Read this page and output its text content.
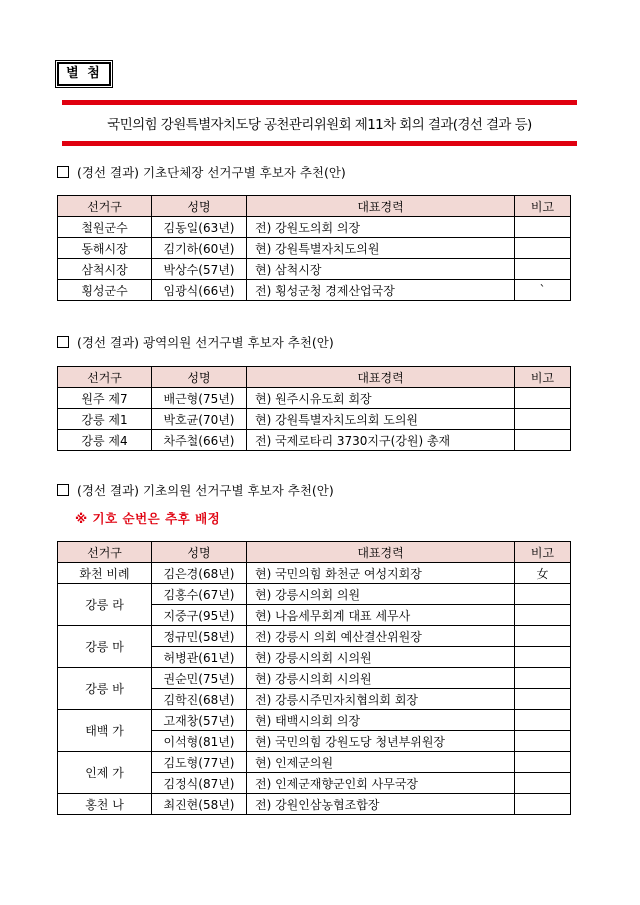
별 첨
국민의힘 강원특별자치도당 공천관리위원회 제11차 회의 결과(경선 결과 등)
(경선 결과) 기초단체장 선거구별 후보자 추천(안)
선거구	성명	대표경력	비고
철원군수	김동일(63년)	전) 강원도의회 의장	
동해시장	김기하(60년)	현) 강원특별자치도의원	
삼척시장	박상수(57년)	현) 삼척시장	
횡성군수	임광식(66년)	전) 횡성군청 경제산업국장	`
(경선 결과) 광역의원 선거구별 후보자 추천(안)
선거구	성명	대표경력	비고
원주 제7	배근형(75년)	현) 원주시유도회 회장	
강릉 제1	박호균(70년)	현) 강원특별자치도의회 도의원	
강릉 제4	차주철(66년)	전) 국제로타리 3730지구(강원) 총재	
(경선 결과) 기초의원 선거구별 후보자 추천(안)
※ 기호 순번은 추후 배정
선거구	성명	대표경력	비고
화천 비례	김은경(68년)	현) 국민의힘 화천군 여성지회장	女
강릉 라	김홍수(67년)	현) 강릉시의회 의원	
	지중구(95년)	현) 나음세무회계 대표 세무사	
강릉 마	정규민(58년)	전) 강릉시 의회 예산결산위원장	
	허병관(61년)	현) 강릉시의회 시의원	
강릉 바	권순민(75년)	현) 강릉시의회 시의원	
	김학진(68년)	전) 강릉시주민자치협의회 회장	
태백 가	고재창(57년)	현) 태백시의회 의장	
	이석형(81년)	현) 국민의힘 강원도당 청년부위원장	
인제 가	김도형(77년)	현) 인제군의원	
	김정식(87년)	전) 인제군재향군인회 사무국장	
홍천 나	최진현(58년)	전) 강원인삼농협조합장	
